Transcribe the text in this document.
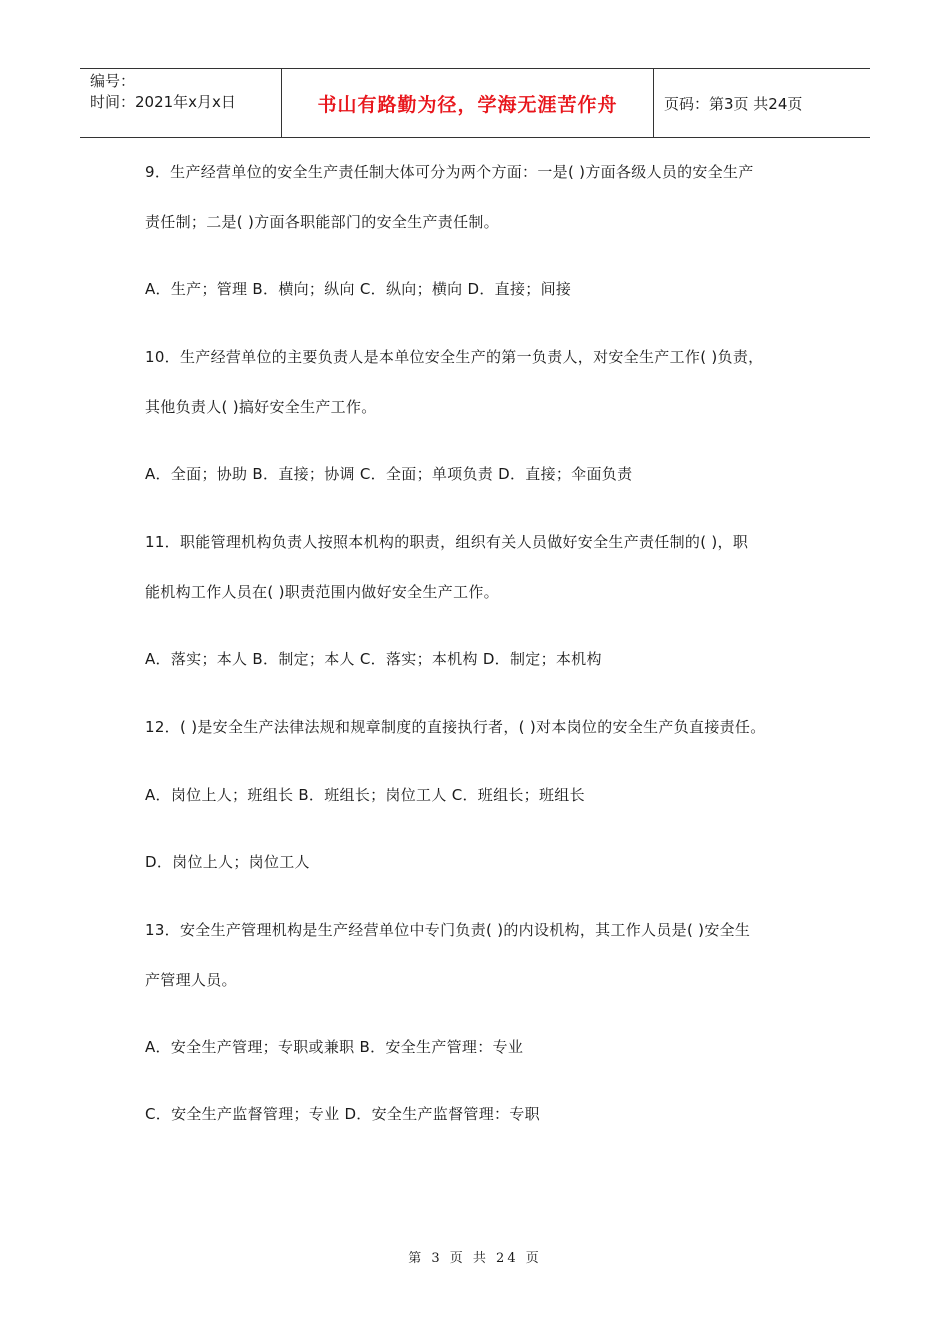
编号：
时间：2021年x月x日	书山有路勤为径，学海无涯苦作舟	页码：第3页 共24页
9．生产经营单位的安全生产责任制大体可分为两个方面：一是( )方面各级人员的安全生产
责任制；二是( )方面各职能部门的安全生产责任制。
A．生产；管理 B．横向；纵向 C．纵向；横向 D．直接；间接
10．生产经营单位的主要负责人是本单位安全生产的第一负责人，对安全生产工作( )负责，
其他负责人( )搞好安全生产工作。
A．全面；协助 B．直接；协调 C．全面；单项负责 D．直接；伞面负责
11．职能管理机构负责人按照本机构的职责，组织有关人员做好安全生产责任制的( )，职
能机构工作人员在( )职责范围内做好安全生产工作。
A．落实；本人 B．制定；本人 C．落实；本机构 D．制定；本机构
12．( )是安全生产法律法规和规章制度的直接执行者，( )对本岗位的安全生产负直接责任。
A．岗位上人；班组长 B．班组长；岗位工人 C．班组长；班组长
D．岗位上人；岗位工人
13．安全生产管理机构是生产经营单位中专门负责( )的内设机构，其工作人员是( )安全生
产管理人员。
A．安全生产管理；专职或兼职 B．安全生产管理：专业
C．安全生产监督管理；专业 D．安全生产监督管理：专职
第 3 页 共 24 页
